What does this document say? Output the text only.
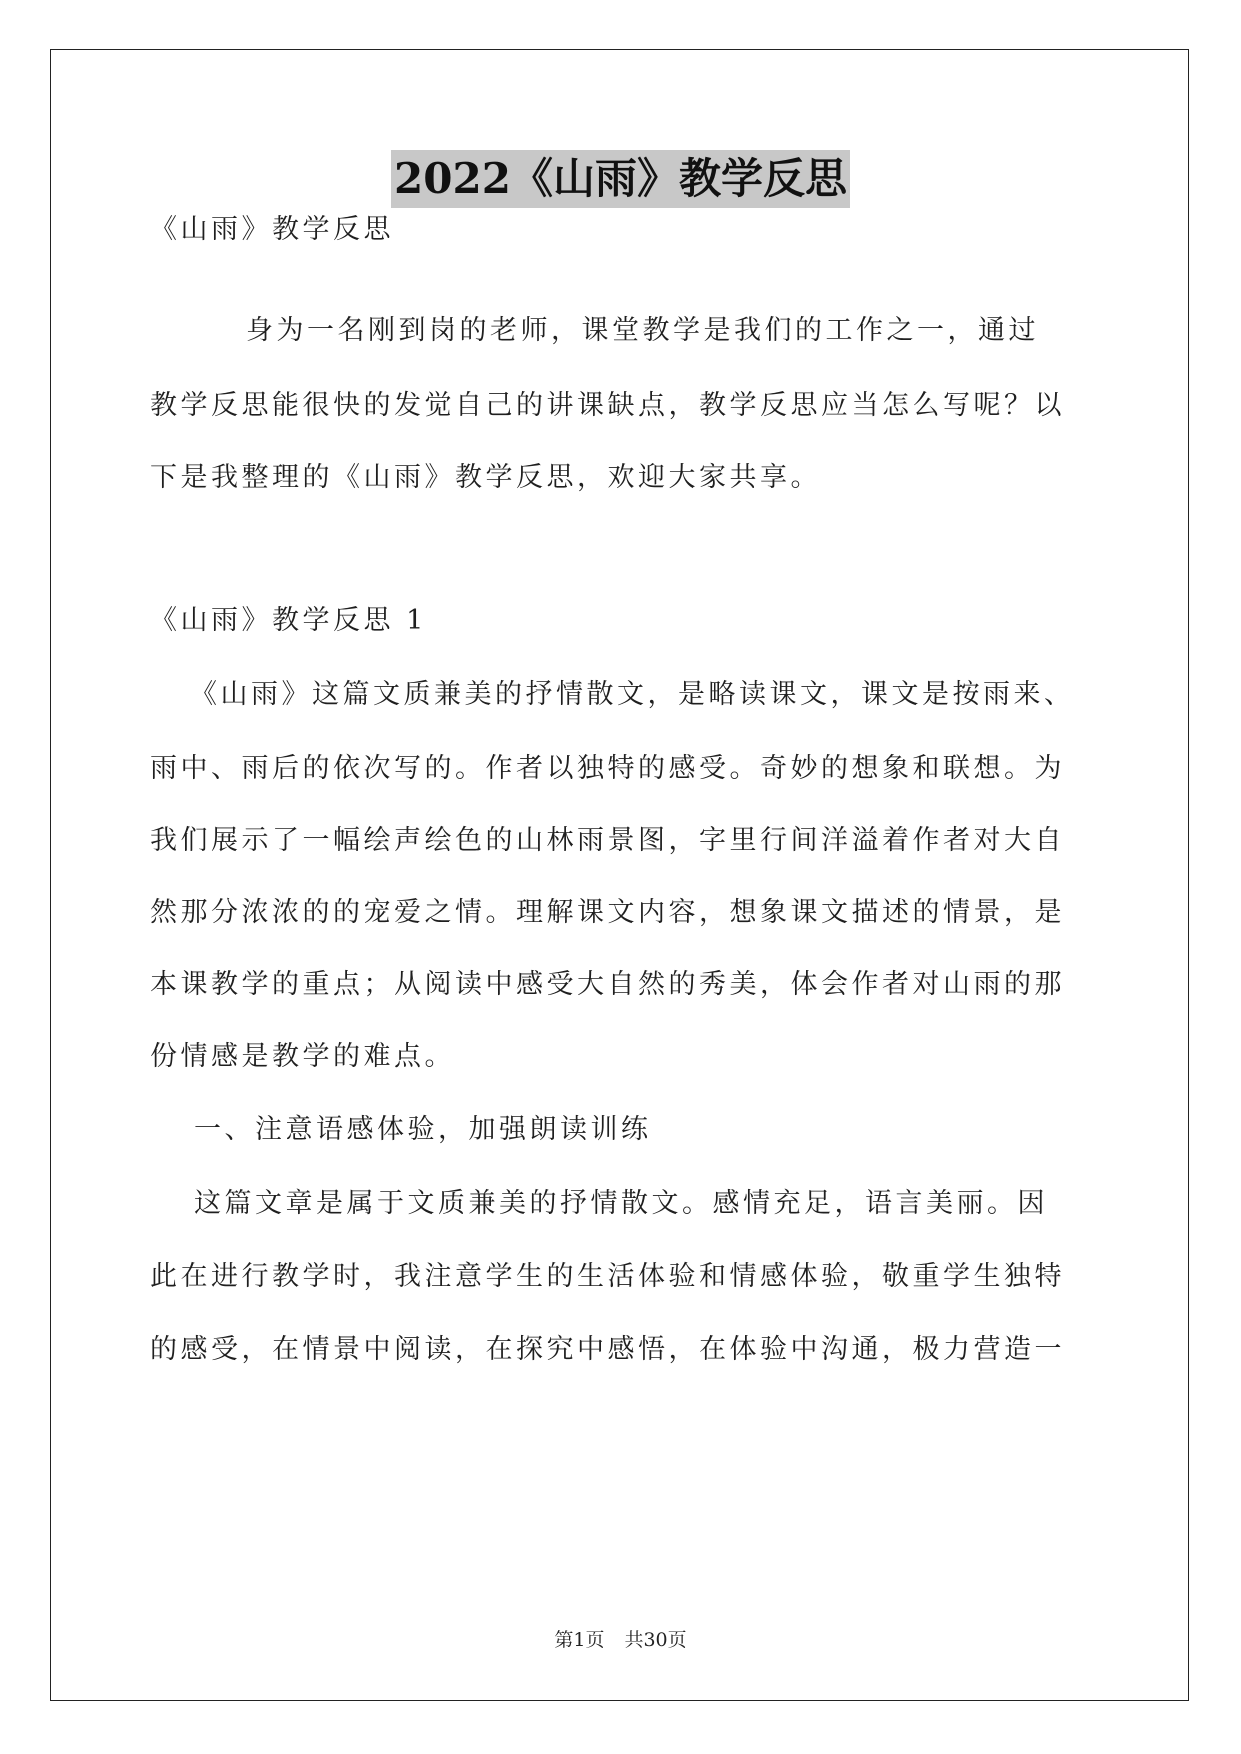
2022《山雨》教学反思

《山雨》教学反思

身为一名刚到岗的老师，课堂教学是我们的工作之一，通过

教学反思能很快的发觉自己的讲课缺点，教学反思应当怎么写呢？以

下是我整理的《山雨》教学反思，欢迎大家共享。

《山雨》教学反思 1

《山雨》这篇文质兼美的抒情散文，是略读课文，课文是按雨来、

雨中、雨后的依次写的。作者以独特的感受。奇妙的想象和联想。为

我们展示了一幅绘声绘色的山林雨景图，字里行间洋溢着作者对大自

然那分浓浓的的宠爱之情。理解课文内容，想象课文描述的情景，是

本课教学的重点；从阅读中感受大自然的秀美，体会作者对山雨的那

份情感是教学的难点。

一、注意语感体验，加强朗读训练

这篇文章是属于文质兼美的抒情散文。感情充足，语言美丽。因

此在进行教学时，我注意学生的生活体验和情感体验，敬重学生独特

的感受，在情景中阅读，在探究中感悟，在体验中沟通，极力营造一

第1页 共30页
